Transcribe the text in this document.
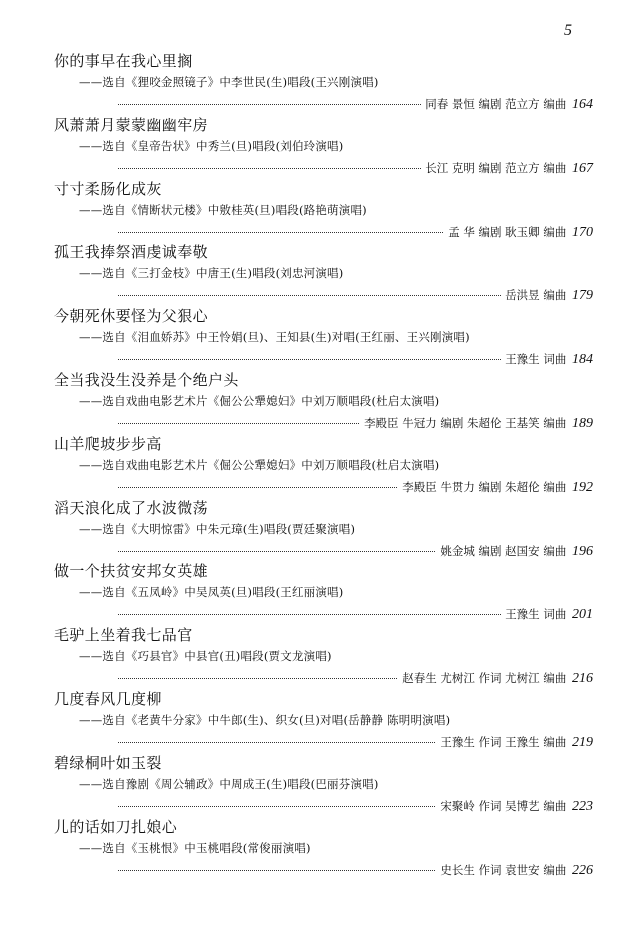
5
你的事早在我心里搁
——选自《狸咬金照镜子》中李世民(生)唱段(王兴刚演唱)
同春 景恒 编剧 范立方 编曲 164
风萧萧月蒙蒙幽幽牢房
——选自《皇帝告状》中秀兰(旦)唱段(刘伯玲演唱)
长江 克明 编剧 范立方 编曲 167
寸寸柔肠化成灰
——选自《情断状元楼》中敫桂英(旦)唱段(路艳萌演唱)
孟 华 编剧 耿玉卿 编曲 170
孤王我捧祭酒虔诚奉敬
——选自《三打金枝》中唐王(生)唱段(刘忠河演唱)
岳洪昱 编曲 179
今朝死休要怪为父狠心
——选自《泪血娇苏》中王怜娟(旦)、王知县(生)对唱(王红丽、王兴刚演唱)
王豫生 词曲 184
全当我没生没养是个绝户头
——选自戏曲电影艺术片《倔公公犟媳妇》中刘万顺唱段(杜启太演唱)
李殿臣 牛冠力 编剧 朱超伦 王基笑 编曲 189
山羊爬坡步步高
——选自戏曲电影艺术片《倔公公犟媳妇》中刘万顺唱段(杜启太演唱)
李殿臣 牛贯力 编剧 朱超伦 编曲 192
滔天浪化成了水波微荡
——选自《大明惊雷》中朱元璋(生)唱段(贾廷聚演唱)
姚金城 编剧 赵国安 编曲 196
做一个扶贫安邦女英雄
——选自《五凤岭》中吴凤英(旦)唱段(王红丽演唱)
王豫生 词曲 201
毛驴上坐着我七品官
——选自《巧县官》中县官(丑)唱段(贾文龙演唱)
赵春生 尤树江 作词 尤树江 编曲 216
几度春风几度柳
——选自《老黄牛分家》中牛郎(生)、织女(旦)对唱(岳静静 陈明明演唱)
王豫生 作词 王豫生 编曲 219
碧绿桐叶如玉裂
——选自豫剧《周公辅政》中周成王(生)唱段(巴丽芬演唱)
宋聚岭 作词 吴博艺 编曲 223
儿的话如刀扎娘心
——选自《玉桃恨》中玉桃唱段(常俊丽演唱)
史长生 作词 袁世安 编曲 226
